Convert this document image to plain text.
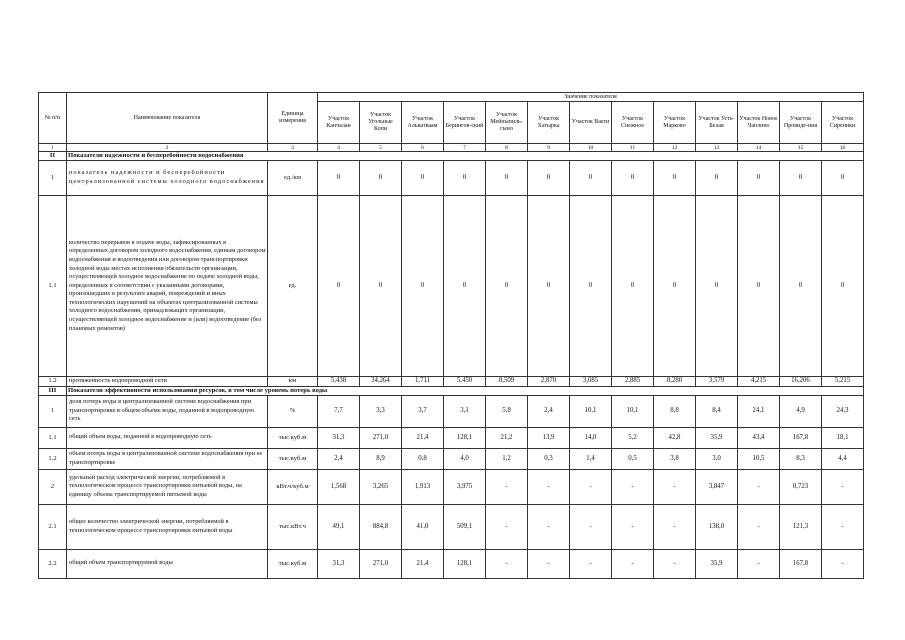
№ п/п	Наименование показателя	Единица измерения	Значение показателя												
			Участок Канчалан	Участок Угольные Копи	Участок Алькатваам	Участок Берингов-ский	Участок Мейныпиль-гыно	Участок Хатырка	Участок Ваеги	Участок Снежное	Участок Марково	Участок Усть-Белая	Участок Новое Чаплино	Участок Провиде-ния	Участок Сиреники
1	2	3	4	5	6	7	8	9	10	11	12	13	14	15	16
II	Показатели надежности и бесперебойности водоснабжения														
1	показатель надежности и бесперебойности централизованной системы холодного водоснабжения	ед./км	0	0	0	0	0	0	0	0	0	0	0	0	0
1.1	количество перерывов в подаче воды, зафиксированных в определенных договором холодного водоснабжения, единым договором водоснабжения и водоотведения или договором транспортировки холодной воды местах исполнения обязательств организации, осуществляющей холодное водоснабжение по подаче холодной воды, определенных в соответствии с указанными договорами, произошедших в результате аварий, повреждений и иных технологических нарушений на объектах централизованной системы холодного водоснабжения, принадлежащих организации, осуществляющей холодное водоснабжение и (или) водоотведение (без плановых ремонтов)	ед.	0	0	0	0	0	0	0	0	0	0	0	0	0
1.2	протяженность водопроводной сети	км	5,438	34,264	1,711	5,450	8,509	2,870	3,085	2,885	8,280	3,579	4,215	16,206	5,215
III	Показатели эффективности использования ресурсов, в том числе уровень потерь воды														
1	доля потерь воды в централизованной системе водоснабжения при транспортировке в общем объеме воды, поданной в водопроводную сеть	%	7,7	3,3	3,7	3,1	5,8	2,4	10,1	10,1	8,8	8,4	24,1	4,9	24,3
1.1	общий объем воды, поданной в водопроводную сеть	тыс.куб.м	31,3	271,0	21,4	128,1	21,2	13,9	14,0	5,2	42,8	35,9	43,4	167,8	18,1
1.2	объем потерь воды в централизованной системе водоснабжения при ее транспортировке	тыс.куб.м	2,4	8,9	0,8	4,0	1,2	0,3	1,4	0,5	3,8	3,0	10,5	8,3	4,4
2	удельный расход электрической энергии, потребляемой в технологическом процессе транспортировки питьевой воды, на единицу объема транспортируемой питьевой воды	кВт.ч/куб.м	1,568	3,265	1,913	3,975	-	-	-	-	-	3,847	-	0,723	-
2.1	общее количество электрической энергии, потребляемой в технологическом процессе транспортировки питьевой воды	тыс.кВт.ч	49,1	884,8	41,0	509,1	-	-	-	-	-	138,0	-	121,3	-
2.2	общий объем транспортируемой воды	тыс.куб.м	31,3	271,0	21,4	128,1	-	-	-	-	-	35,9	-	167,8	-
